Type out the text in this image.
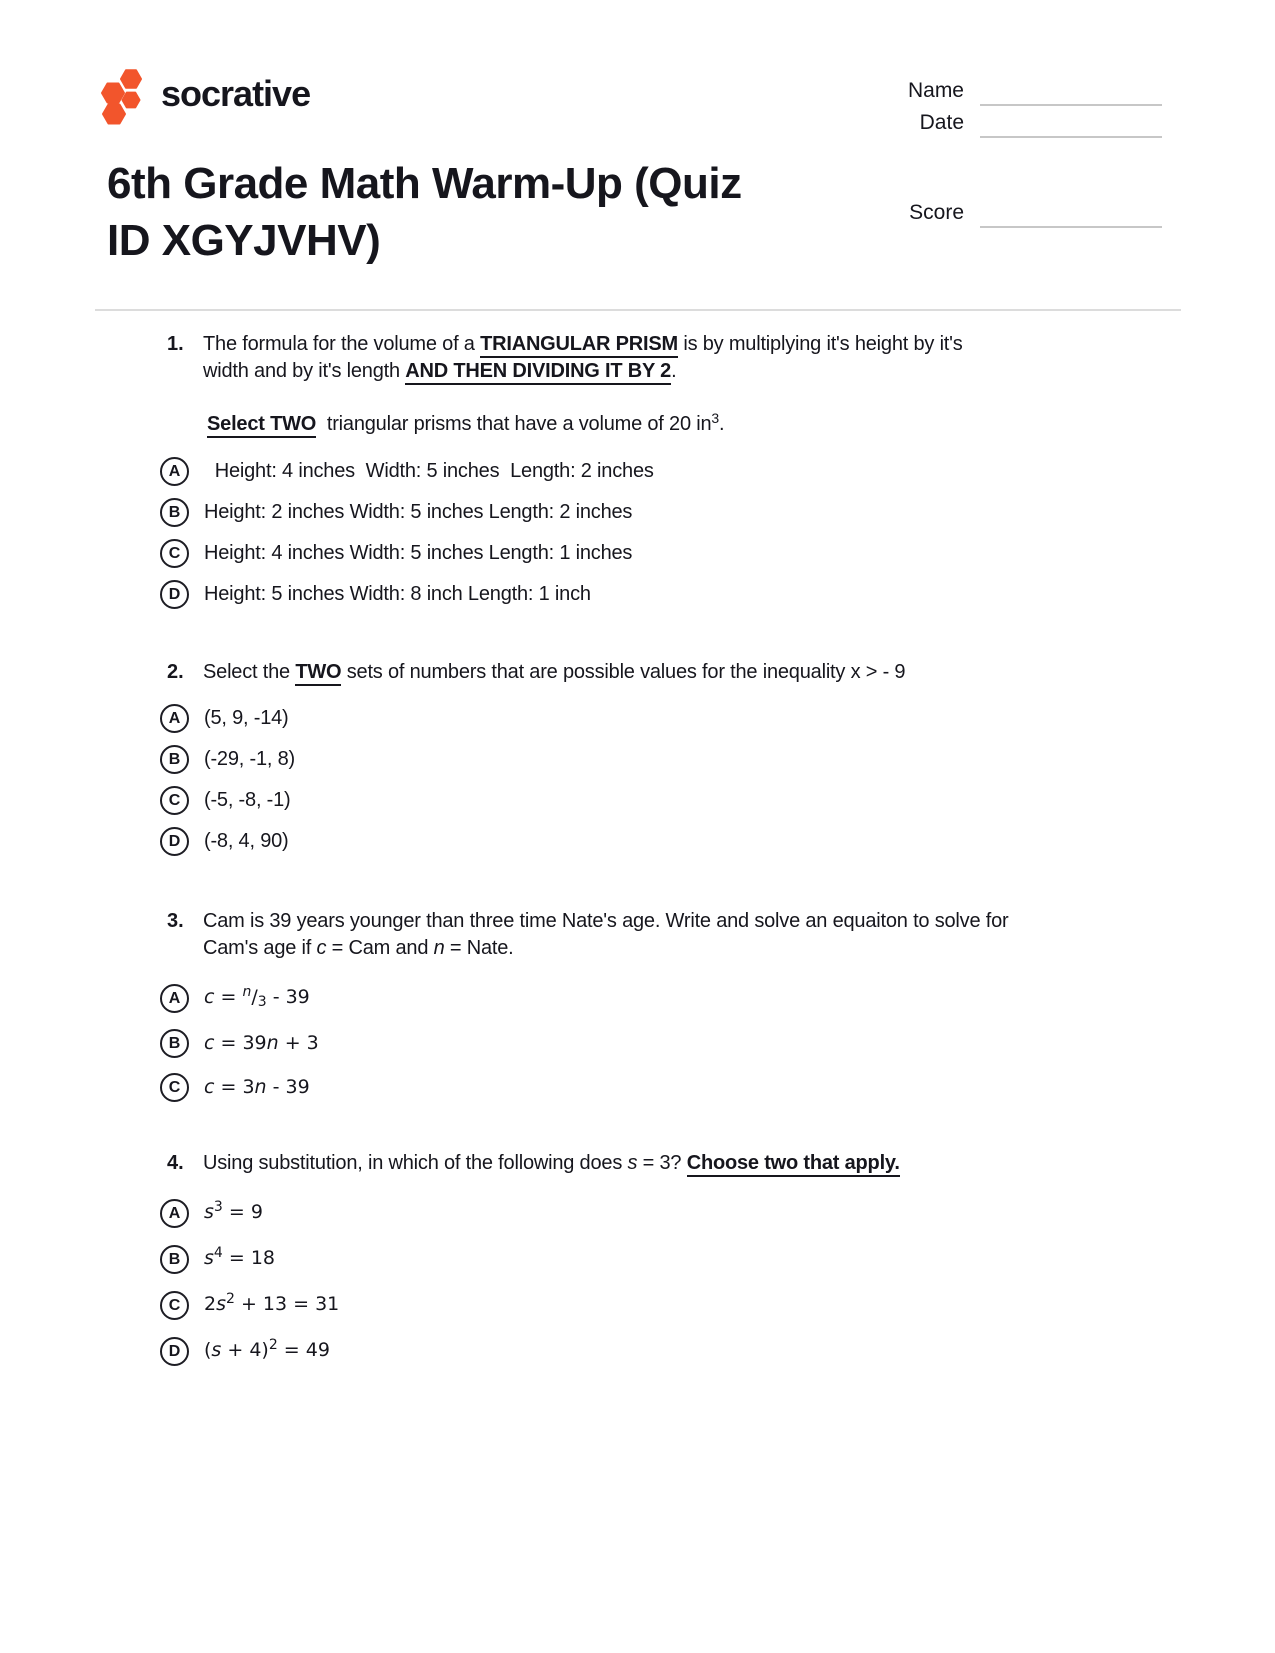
socrative	Name
Date
Score
6th Grade Math Warm-Up (Quiz
ID XGYJVHV)
1. The formula for the volume of a TRIANGULAR PRISM is by multiplying it's height by it's
width and by it's length AND THEN DIVIDING IT BY 2.
Select TWO  triangular prisms that have a volume of 20 $in^3$.
A	Height: 4 inches  Width: 5 inches  Length: 2 inches
B	Height: 2 inches Width: 5 inches Length: 2 inches
C	Height: 4 inches Width: 5 inches Length: 1 inches
D	Height: 5 inches Width: 8 inch Length: 1 inch
2. Select the TWO sets of numbers that are possible values for the inequality x > - 9
A	(5, 9, -14)
B	(-29, -1, 8)
C	(-5, -8, -1)
D	(-8, 4, 90)
3. Cam is 39 years younger than three time Nate's age. Write and solve an equaiton to solve for
Cam's age if c = Cam and n = Nate.
A	c = $^n$/3 - 39
B	c = 39n + 3
C	c = 3n - 39
4. Using substitution, in which of the following does s = 3? Choose two that apply.
A	$s^3 = 9$
B	$s^4 = 18$
C	$2s^2 + 13 = 31$
D	$(s + 4)^2 = 49$
